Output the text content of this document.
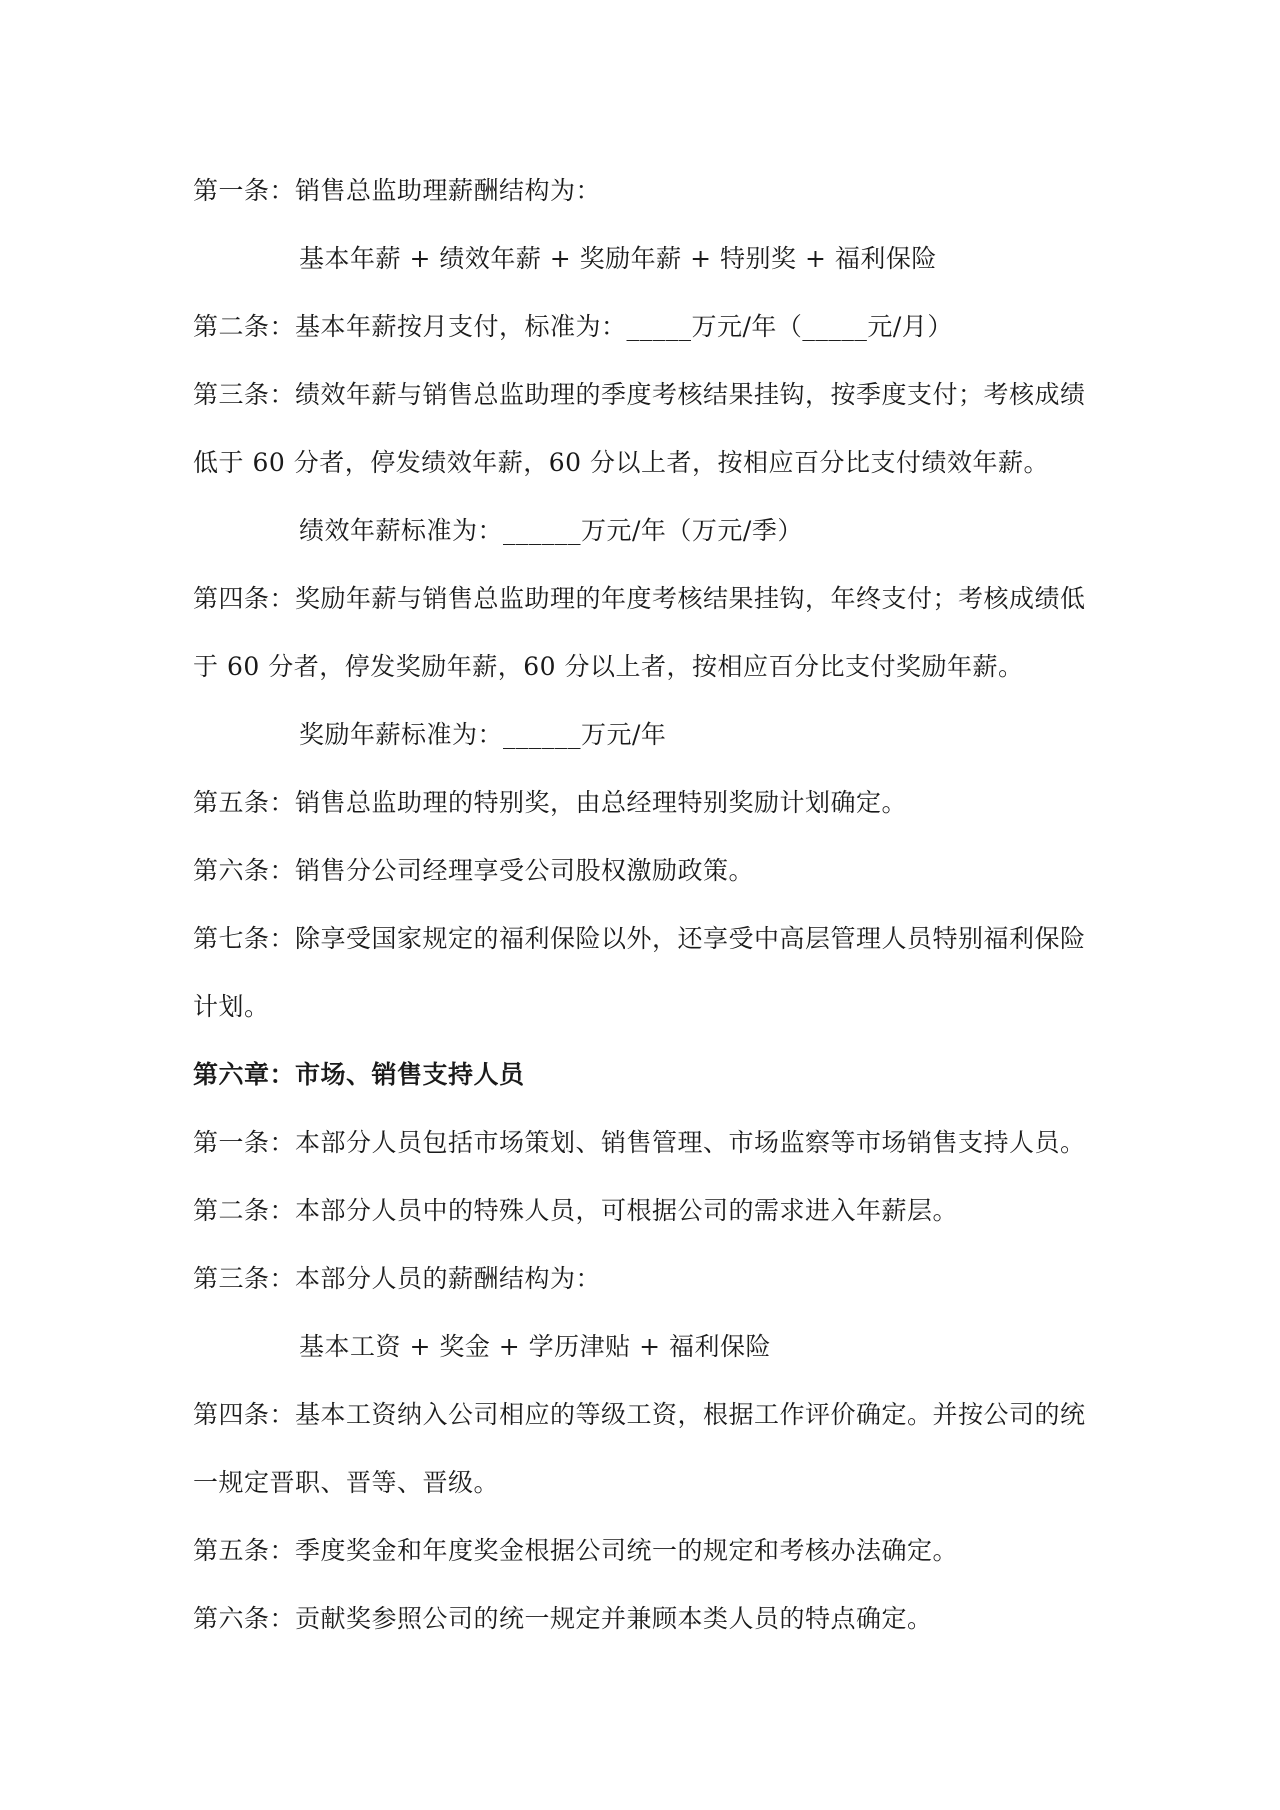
第一条：销售总监助理薪酬结构为：
基本年薪 + 绩效年薪 + 奖励年薪 + 特别奖 + 福利保险
第二条：基本年薪按月支付，标准为：_____万元/年（_____元/月）
第三条：绩效年薪与销售总监助理的季度考核结果挂钩，按季度支付；考核成绩
低于 60 分者，停发绩效年薪，60 分以上者，按相应百分比支付绩效年薪。
绩效年薪标准为：______万元/年（万元/季）
第四条：奖励年薪与销售总监助理的年度考核结果挂钩，年终支付；考核成绩低
于 60 分者，停发奖励年薪，60 分以上者，按相应百分比支付奖励年薪。
奖励年薪标准为：______万元/年
第五条：销售总监助理的特别奖，由总经理特别奖励计划确定。
第六条：销售分公司经理享受公司股权激励政策。
第七条：除享受国家规定的福利保险以外，还享受中高层管理人员特别福利保险
计划。
第六章：市场、销售支持人员
第一条：本部分人员包括市场策划、销售管理、市场监察等市场销售支持人员。
第二条：本部分人员中的特殊人员，可根据公司的需求进入年薪层。
第三条：本部分人员的薪酬结构为：
基本工资 + 奖金 + 学历津贴 + 福利保险
第四条：基本工资纳入公司相应的等级工资，根据工作评价确定。并按公司的统
一规定晋职、晋等、晋级。
第五条：季度奖金和年度奖金根据公司统一的规定和考核办法确定。
第六条：贡献奖参照公司的统一规定并兼顾本类人员的特点确定。
